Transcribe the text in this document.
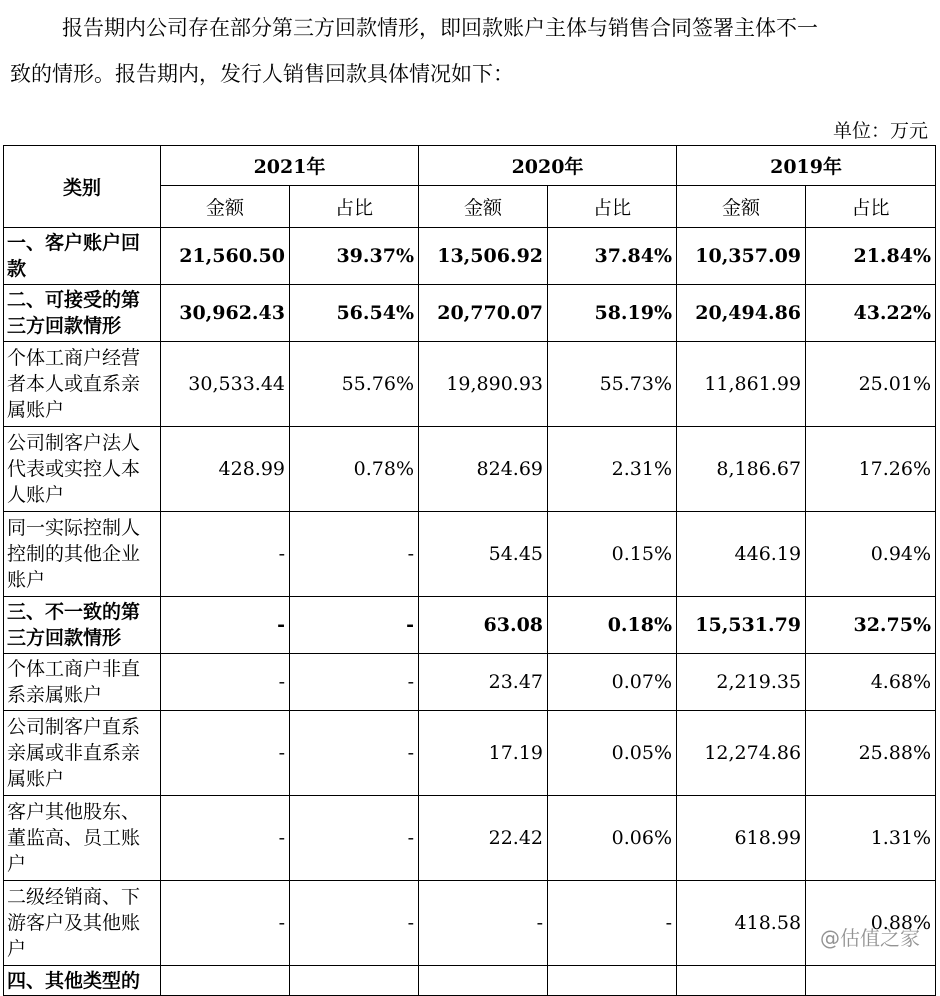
报告期内公司存在部分第三方回款情形，即回款账户主体与销售合同签署主体不一
致的情形。报告期内，发行人销售回款具体情况如下：
单位：万元
类别	2021年		2020年		2019年	
	金额	占比	金额	占比	金额	占比
一、客户账户回款	21,560.50	39.37%	13,506.92	37.84%	10,357.09	21.84%
二、可接受的第三方回款情形	30,962.43	56.54%	20,770.07	58.19%	20,494.86	43.22%
个体工商户经营者本人或直系亲属账户	30,533.44	55.76%	19,890.93	55.73%	11,861.99	25.01%
公司制客户法人代表或实控人本人账户	428.99	0.78%	824.69	2.31%	8,186.67	17.26%
同一实际控制人控制的其他企业账户	-	-	54.45	0.15%	446.19	0.94%
三、不一致的第三方回款情形	-	-	63.08	0.18%	15,531.79	32.75%
个体工商户非直系亲属账户	-	-	23.47	0.07%	2,219.35	4.68%
公司制客户直系亲属或非直系亲属账户	-	-	17.19	0.05%	12,274.86	25.88%
客户其他股东、董监高、员工账户	-	-	22.42	0.06%	618.99	1.31%
二级经销商、下游客户及其他账户	-	-	-	-	418.58	0.88%
四、其他类型的						
@估值之家
